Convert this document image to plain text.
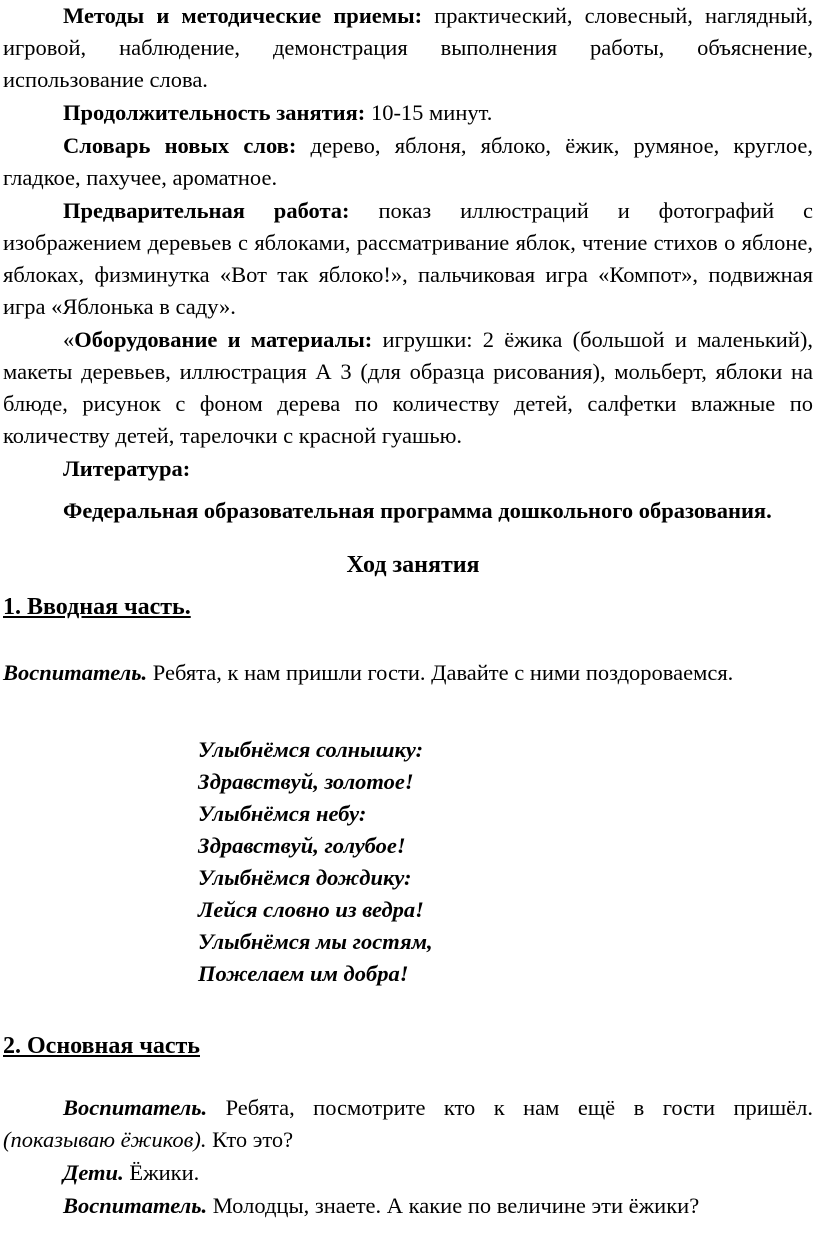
Методы и методические приемы: практический, словесный, наглядный, игровой, наблюдение, демонстрация выполнения работы, объяснение, использование слова.

Продолжительность занятия: 10-15 минут.

Словарь новых слов: дерево, яблоня, яблоко, ёжик, румяное, круглое, гладкое, пахучее, ароматное.

Предварительная работа: показ иллюстраций и фотографий с изображением деревьев с яблоками, рассматривание яблок, чтение стихов о яблоне, яблоках, физминутка «Вот так яблоко!», пальчиковая игра «Компот», подвижная игра «Яблонька в саду».

«Оборудование и материалы: игрушки: 2 ёжика (большой и маленький), макеты деревьев, иллюстрация А 3 (для образца рисования), мольберт, яблоки на блюде, рисунок с фоном дерева по количеству детей, салфетки влажные по количеству детей, тарелочки с красной гуашью.

Литература:

Федеральная образовательная программа дошкольного образования.

Ход занятия

1. Вводная часть.

Воспитатель. Ребята, к нам пришли гости. Давайте с ними поздороваемся.

Улыбнёмся солнышку:
Здравствуй, золотое!
Улыбнёмся небу:
Здравствуй, голубое!
Улыбнёмся дождику:
Лейся словно из ведра!
Улыбнёмся мы гостям,
Пожелаем им добра!

2. Основная часть

Воспитатель. Ребята, посмотрите кто к нам ещё в гости пришёл. (показываю ёжиков). Кто это?

Дети. Ёжики.

Воспитатель. Молодцы, знаете. А какие по величине эти ёжики?
